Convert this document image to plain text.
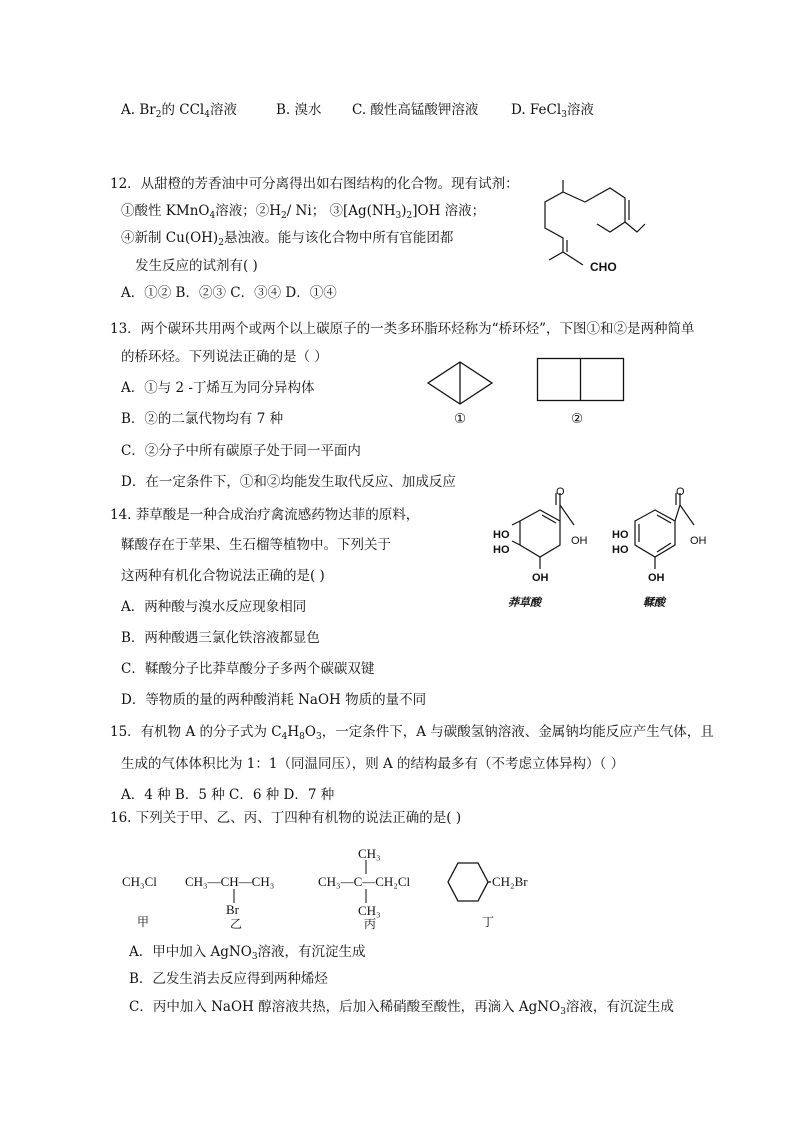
A. $Br_2$的 CCl$_4$溶液	B. 溴水 C. 酸性高锰酸钾溶液 D. FeCl$_3$溶液
12．从甜橙的芳香油中可分离得出如右图结构的化合物。现有试剂：
①酸性 KMnO$_4$溶液；$②H_2/$ Ni； $③[Ag(NH_3)_2]OH$ 溶液；
④新制 $Cu(OH)_2$悬浊液。能与该化合物中所有官能团都
发生反应的试剂有( )
A．①② B．②③ C．③④ D．①④
CHO
13．两个碳环共用两个或两个以上碳原子的一类多环脂环烃称为“桥环烃”，下图①和②是两种简单
的桥环烃。下列说法正确的是（ ）
A．①与 2 -丁烯互为同分异构体
B．②的二氯代物均有 7 种
C．②分子中所有碳原子处于同一平面内
D．在一定条件下，①和②均能发生取代反应、加成反应
①	②
14. 莽草酸是一种合成治疗禽流感药物达菲的原料，
鞣酸存在于苹果、生石榴等植物中。下列关于
这两种有机化合物说法正确的是( )
A．两种酸与溴水反应现象相同
B．两种酸遇三氯化铁溶液都显色
C．鞣酸分子比莽草酸分子多两个碳碳双键
D．等物质的量的两种酸消耗 NaOH 物质的量不同
O
HO
HO
OH
OH
莽草酸
O
HO
HO
OH
OH
鞣酸
15．有机物 A 的分子式为 $C_4H_8O_3$，一定条件下，A 与碳酸氢钠溶液、金属钠均能反应产生气体，且
生成的气体体积比为 1：1（同温同压），则 A 的结构最多有（不考虑立体异构）（ ）
A．4 种 B．5 种 C．6 种 D．7 种
16. 下列关于甲、乙、丙、丁四种有机物的说法正确的是( )
CH₃Cl CH₃—CH—CH₃
Br
CH₃
CH₃—C—CH₂Cl
CH₃
CH₂Br
甲	乙	丙	丁
A．甲中加入 AgNO$_3$溶液，有沉淀生成
B．乙发生消去反应得到两种烯烃
C．丙中加入 NaOH 醇溶液共热，后加入稀硝酸至酸性，再滴入 AgNO$_3$溶液，有沉淀生成
